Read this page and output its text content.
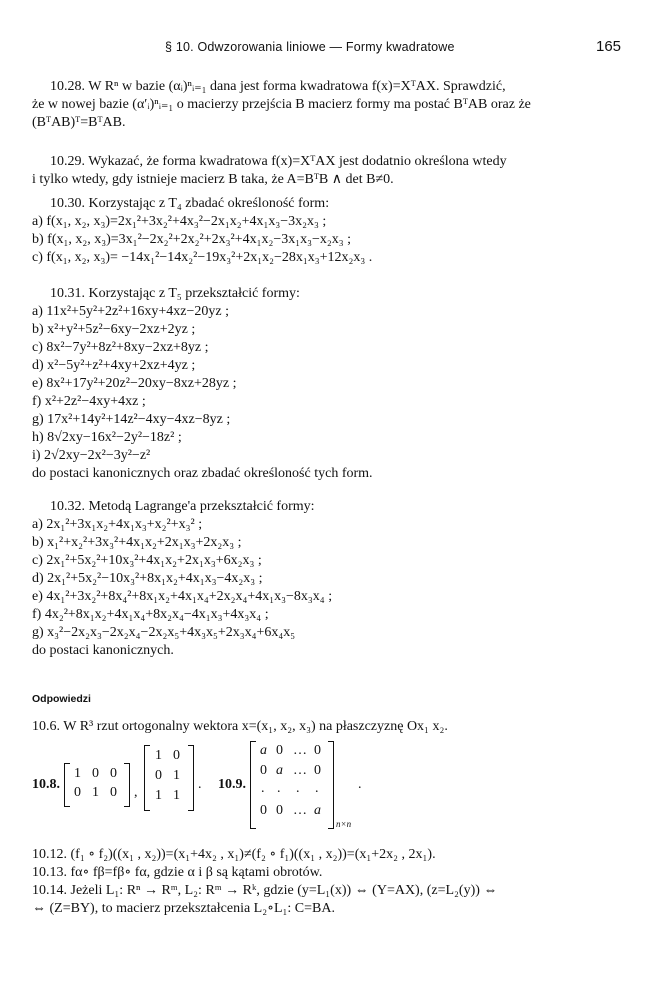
§ 10. Odwzorowania liniowe — Formy kwadratowe	165
10.28. W Rⁿ w bazie (αᵢ)ⁿᵢ₌₁ dana jest forma kwadratowa f(x)=XᵀAX. Sprawdzić,
że w nowej bazie (α′ᵢ)ⁿᵢ₌₁ o macierzy przejścia B macierz formy ma postać BᵀAB oraz że
(BᵀAB)ᵀ=BᵀAB.
10.29. Wykazać, że forma kwadratowa f(x)=XᵀAX jest dodatnio określona wtedy
i tylko wtedy, gdy istnieje macierz B taka, że A=BᵀB ∧ det B≠0.
10.30. Korzystając z T₄ zbadać określoność form:
a) f(x₁, x₂, x₃)=2x₁²+3x₂²+4x₃²−2x₁x₂+4x₁x₃−3x₂x₃ ;
b) f(x₁, x₂, x₃)=3x₁²−2x₂²+2x₂²+2x₃²+4x₁x₂−3x₁x₃−x₂x₃ ;
c) f(x₁, x₂, x₃)= −14x₁²−14x₂²−19x₃²+2x₁x₂−28x₁x₃+12x₂x₃ .
10.31. Korzystając z T₅ przekształcić formy:
a) 11x²+5y²+2z²+16xy+4xz−20yz ;
b) x²+y²+5z²−6xy−2xz+2yz ;
c) 8x²−7y²+8z²+8xy−2xz+8yz ;
d) x²−5y²+z²+4xy+2xz+4yz ;
e) 8x²+17y²+20z²−20xy−8xz+28yz ;
f) x²+2z²−4xy+4xz ;
g) 17x²+14y²+14z²−4xy−4xz−8yz ;
h) 8√2xy−16x²−2y²−18z² ;
i) 2√2xy−2x²−3y²−z²
do postaci kanonicznych oraz zbadać określoność tych form.
10.32. Metodą Lagrange'a przekształcić formy:
a) 2x₁²+3x₁x₂+4x₁x₃+x₂²+x₃² ;
b) x₁²+x₂²+3x₃²+4x₁x₂+2x₁x₃+2x₂x₃ ;
c) 2x₁²+5x₂²+10x₃²+4x₁x₂+2x₁x₃+6x₂x₃ ;
d) 2x₁²+5x₂²−10x₃²+8x₁x₂+4x₁x₃−4x₂x₃ ;
e) 4x₁²+3x₂²+8x₄²+8x₁x₂+4x₁x₄+2x₂x₄+4x₁x₃−8x₃x₄ ;
f) 4x₂²+8x₁x₂+4x₁x₄+8x₂x₄−4x₁x₃+4x₃x₄ ;
g) x₃²−2x₂x₃−2x₂x₄−2x₂x₅+4x₃x₅+2x₃x₄+6x₄x₅
do postaci kanonicznych.
Odpowiedzi
10.6. W R³ rzut ortogonalny wektora x=(x₁, x₂, x₃) na płaszczyznę Ox₁ x₂.
10.8.
1 0 0
0 1 0 ,
1 0
0 1
1 1
. 10.9.
a 0 … 0
0 a … 0
. . . .
0 0 … a
n×n
.
10.12. (f₁ ∘ f₂)((x₁ , x₂))=(x₁+4x₂ , x₁)≠(f₂ ∘ f₁)((x₁ , x₂))=(x₁+2x₂ , 2x₁).
10.13. fα∘ fβ=fβ∘ fα, gdzie α i β są kątami obrotów.
10.14. Jeżeli L₁: Rⁿ → Rᵐ, L₂: Rᵐ → Rᵏ, gdzie (y=L₁(x)) ⇔ (Y=AX), (z=L₂(y)) ⇔
⇔ (Z=BY), to macierz przekształcenia L₂∘L₁: C=BA.
